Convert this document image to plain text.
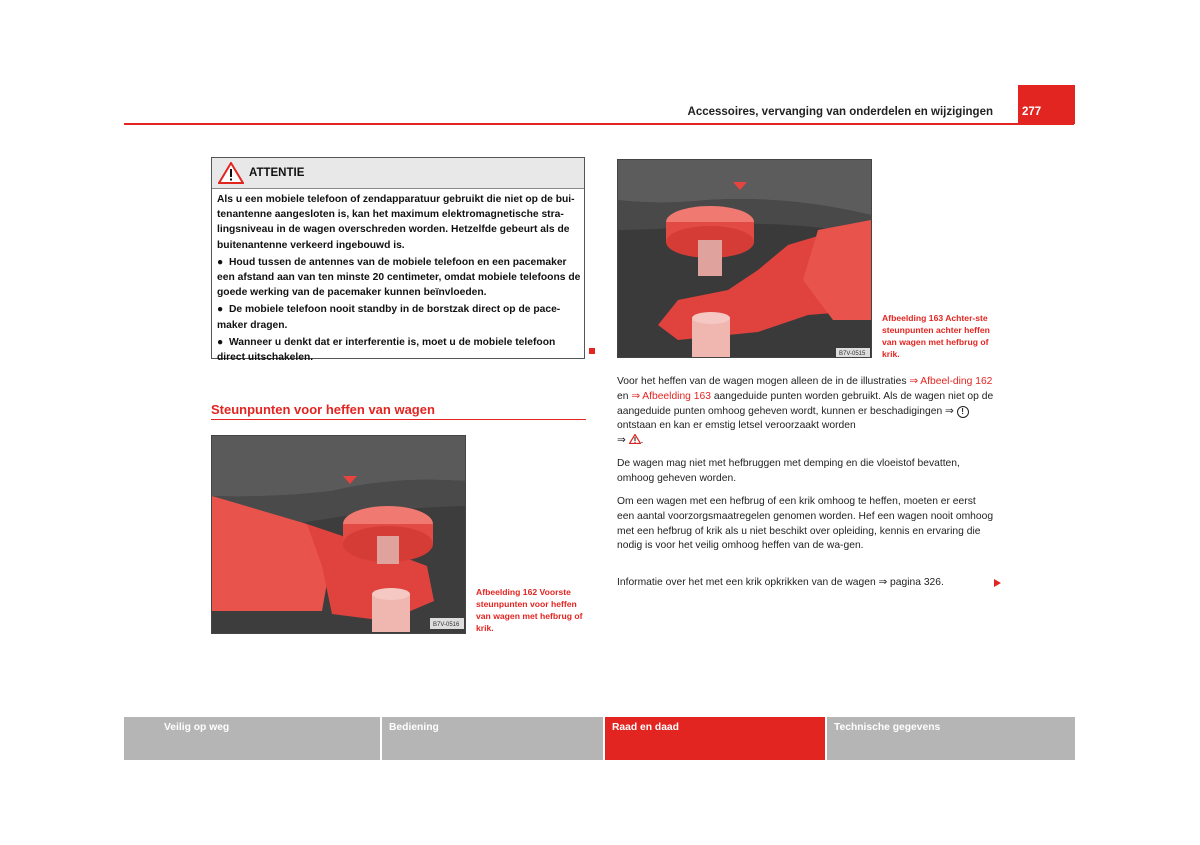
Accessoires, vervanging van onderdelen en wijzigingen	277
ATTENTIE

Als u een mobiele telefoon of zendapparatuur gebruikt die niet op de bui-tenantenne aangesloten is, kan het maximum elektromagnetische stra-lingsniveau in de wagen overschreden worden. Hetzelfde gebeurt als de buitenantenne verkeerd ingebouwd is.

●  Houd tussen de antennes van de mobiele telefoon en een pacemaker een afstand aan van ten minste 20 centimeter, omdat mobiele telefoons de goede werking van de pacemaker kunnen beïnvloeden.

●  De mobiele telefoon nooit standby in de borstzak direct op de pace-maker dragen.

●  Wanneer u denkt dat er interferentie is, moet u de mobiele telefoon direct uitschakelen.

Steunpunten voor heffen van wagen
B7V-0516
Afbeelding 162 Voorste steunpunten voor heffen van wagen met hefbrug of krik.
B7V-0515
Afbeelding 163 Achter-ste steunpunten achter heffen van wagen met hefbrug of krik.

Voor het heffen van de wagen mogen alleen de in de illustraties ⇒ Afbeel-ding 162 en ⇒ Afbeelding 163 aangeduide punten worden gebruikt. Als de wagen niet op de aangeduide punten omhoog geheven wordt, kunnen er beschadigingen ⇒ ! ontstaan en kan er emstig letsel veroorzaakt worden
⇒ .

De wagen mag niet met hefbruggen met demping en die vloeistof bevatten, omhoog geheven worden.
Om een wagen met een hefbrug of een krik omhoog te heffen, moeten er eerst een aantal voorzorgsmaatregelen genomen worden. Hef een wagen nooit omhoog met een hefbrug of krik als u niet beschikt over opleiding, kennis en ervaring die nodig is voor het veilig omhoog heffen van de wa-gen.
Informatie over het met een krik opkrikken van de wagen ⇒ pagina 326.
Veilig op weg	Bediening	Raad en daad	Technische gegevens
